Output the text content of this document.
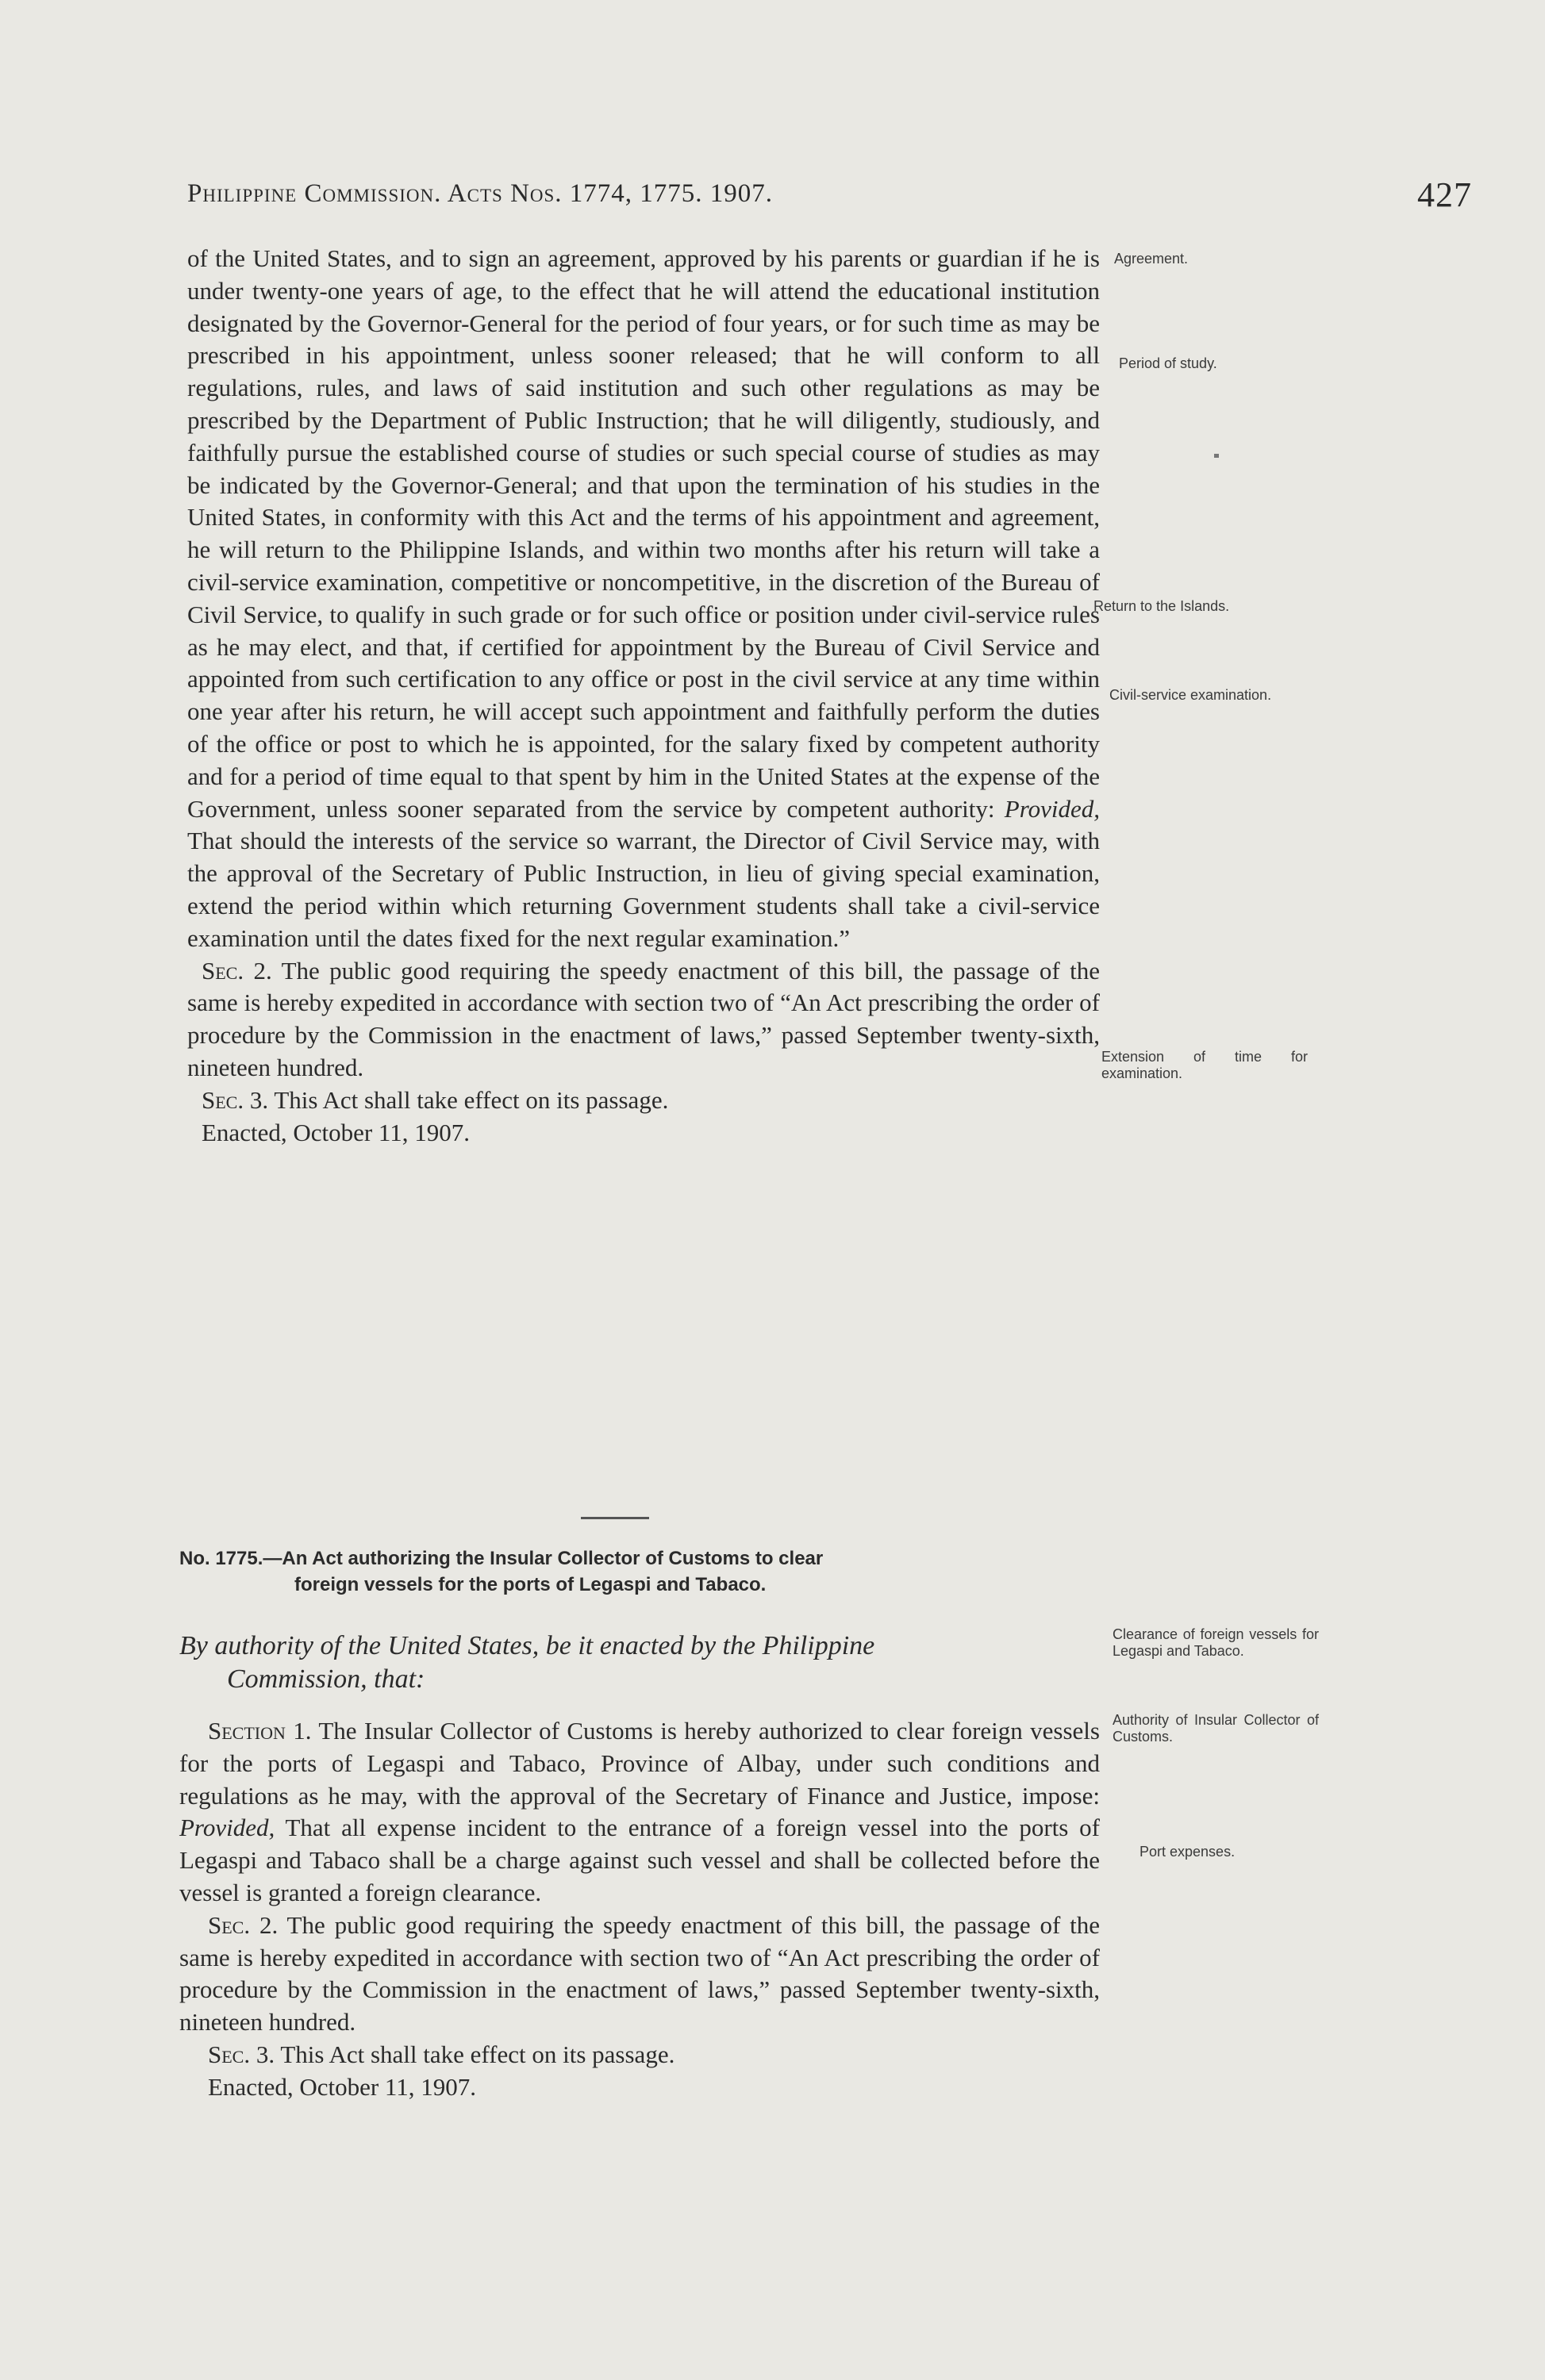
Philippine Commission. Acts Nos. 1774, 1775. 1907.	427

of the United States, and to sign an agreement, approved by his parents or guardian if he is under twenty-one years of age, to the effect that he will attend the educational institution designated by the Governor-General for the period of four years, or for such time as may be prescribed in his appointment, unless sooner released; that he will conform to all regulations, rules, and laws of said institution and such other regulations as may be prescribed by the Department of Public Instruction; that he will diligently, studiously, and faithfully pursue the established course of studies or such special course of studies as may be indicated by the Governor-General; and that upon the termination of his studies in the United States, in conformity with this Act and the terms of his appointment and agreement, he will return to the Philippine Islands, and within two months after his return will take a civil-service examination, competitive or noncompetitive, in the discretion of the Bureau of Civil Service, to qualify in such grade or for such office or position under civil-service rules as he may elect, and that, if certified for appointment by the Bureau of Civil Service and appointed from such certification to any office or post in the civil service at any time within one year after his return, he will accept such appointment and faithfully perform the duties of the office or post to which he is appointed, for the salary fixed by competent authority and for a period of time equal to that spent by him in the United States at the expense of the Government, unless sooner separated from the service by competent authority: Provided, That should the interests of the service so warrant, the Director of Civil Service may, with the approval of the Secretary of Public Instruction, in lieu of giving special examination, extend the period within which returning Government students shall take a civil-service examination until the dates fixed for the next regular examination.”

Sec. 2. The public good requiring the speedy enactment of this bill, the passage of the same is hereby expedited in accordance with section two of “An Act prescribing the order of procedure by the Commission in the enactment of laws,” passed September twenty-sixth, nineteen hundred.

Sec. 3. This Act shall take effect on its passage.

Enacted, October 11, 1907.

No. 1775.—An Act authorizing the Insular Collector of Customs to clear
foreign vessels for the ports of Legaspi and Tabaco.
By authority of the United States, be it enacted by the Philippine
Commission, that:

Section 1. The Insular Collector of Customs is hereby authorized to clear foreign vessels for the ports of Legaspi and Tabaco, Province of Albay, under such conditions and regulations as he may, with the approval of the Secretary of Finance and Justice, impose: Provided, That all expense incident to the entrance of a foreign vessel into the ports of Legaspi and Tabaco shall be a charge against such vessel and shall be collected before the vessel is granted a foreign clearance.

Sec. 2. The public good requiring the speedy enactment of this bill, the passage of the same is hereby expedited in accordance with section two of “An Act prescribing the order of procedure by the Commission in the enactment of laws,” passed September twenty-sixth, nineteen hundred.

Sec. 3. This Act shall take effect on its passage.

Enacted, October 11, 1907.

Agreement.
Period of study.
Return to the Islands.
Civil-service examination.
Extension of time for examination.
Clearance of foreign vessels for Legaspi and Tabaco.
Authority of Insular Collector of Customs.
Port expenses.
